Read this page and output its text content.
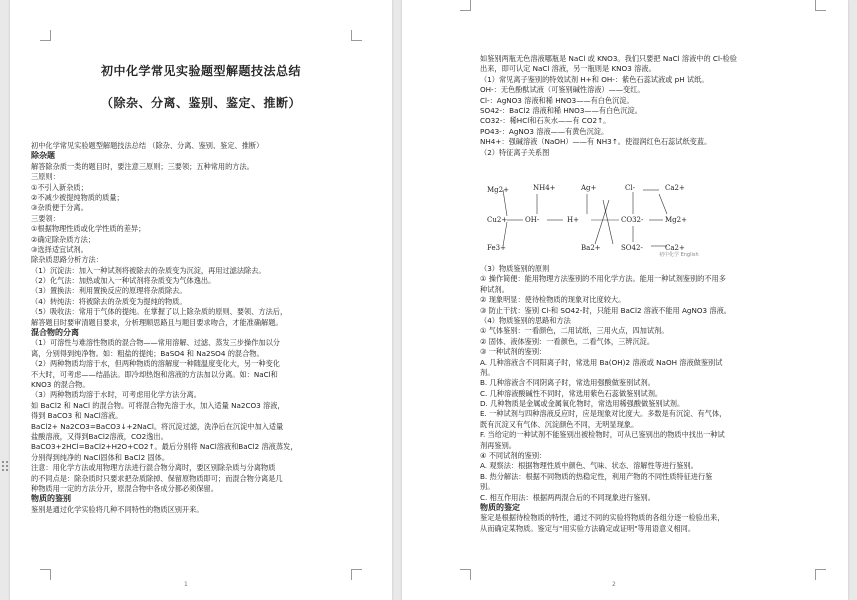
初中化学常见实验题型解题技法总结
（除杂、分离、鉴别、鉴定、推断）
初中化学常见实验题型解题技法总结 （除杂、分离、鉴别、鉴定、推断）
除杂题
解答除杂质一类的题目时，要注意三原则；三要领；五种常用的方法。
三原则：
①不引入新杂质；
②不减少被提纯物质的质量；
③杂质便于分离。
三要领：
①根据物理性质或化学性质的差异；
②确定除杂质方法；
③选择适宜试剂。
除杂质思路分析方法：
（1）沉淀法：加入一种试剂将被除去的杂质变为沉淀，再用过滤法除去。
（2）化气法：加热或加入一种试剂将杂质变为气体逸出。
（3）置换法：利用置换反应的原理将杂质除去。
（4）转纯法：将被除去的杂质变为提纯的物质。
（5）吸收法：常用于气体的提纯。在掌握了以上除杂质的原则、要领、方法后，
解答题目时要审清题目要求，分析理顺思路且与题目要求吻合，才能准确解题。
混合物的分离
（1）可溶性与难溶性物质的混合物——常用溶解、过滤、蒸发三步操作加以分
离，分别得到纯净物。如：粗盐的提纯；BaSO4 和 Na2SO4 的混合物。
（2）两种物质均溶于水，但两种物质的溶解度一种随温度变化大，另一种变化
不大时，可考虑——结晶法。即冷却热饱和溶液的方法加以分离。如：NaCl和
KNO3 的混合物。
（3）两种物质均溶于水时，可考虑用化学方法分离。
如 BaCl2 和 NaCl 的混合物。可将混合物先溶于水，加入适量 Na2CO3 溶液，
得到 BaCO3 和 NaCl溶液。
BaCl2+ Na2CO3=BaCO3↓+2NaCl。将沉淀过滤，洗净后在沉淀中加入适量
盐酸溶液，又得到BaCl2溶液，CO2逸出。
BaCO3+2HCl=BaCl2+H2O+CO2↑。最后分别将 NaCl溶液和BaCl2 溶液蒸发，
分别得到纯净的 NaCl固体和 BaCl2 固体。
注意：用化学方法或用物理方法进行混合物分离时，要区别除杂质与分离物质
的不同点是：除杂质时只要求把杂质除掉、保留原物质即可；而混合物分离是几
种物质用一定的方法分开，原混合物中各成分都必须保留。
物质的鉴别
鉴别是通过化学实验将几种不同特性的物质区别开来。
1
如鉴别两瓶无色溶液哪瓶是 NaCl 或 KNO3。我们只要把 NaCl 溶液中的 Cl-检验
出来，即可认定 NaCl 溶液，另一瓶则是 KNO3 溶液。
（1）常见离子鉴别的特效试剂 H+和 OH-：紫色石蕊试液或 pH 试纸。
OH-：无色酚酞试液（可鉴别碱性溶液）——变红。
Cl-：AgNO3 溶液和稀 HNO3——有白色沉淀。
SO42-：BaCl2 溶液和稀 HNO3——有白色沉淀。
CO32-：稀HCl和石灰水——有 CO2↑。
PO43-：AgNO3 溶液——有黄色沉淀。
NH4+：强碱溶液（NaOH）——有 NH3↑。使湿润红色石蕊试纸变蓝。
（2）特征离子关系图
（3）物质鉴别的原则
① 操作简便：能用物理方法鉴别的不用化学方法。能用一种试剂鉴别的不用多
种试剂。
② 现象明显：使待检物质的现象对比度较大。
③ 防止干扰：鉴别 Cl-和 SO42-时，只能用 BaCl2 溶液不能用 AgNO3 溶液。
（4）物质鉴别的思路和方法
① 气体鉴别：一看颜色，二用试纸，三用火点，四加试剂。
② 固体、液体鉴别：一看颜色，二看气体，三辨沉淀。
③ 一种试剂的鉴别：
A. 几种溶液含不同阳离子时，常选用 Ba(OH)2 溶液或 NaOH 溶液做鉴别试
剂。
B. 几种溶液含不同阴离子时，常选用强酸做鉴别试剂。
C. 几种溶液酸碱性不同时，常选用紫色石蕊做鉴别试剂。
D. 几种物质是金属或金属氧化物时，常选用稀强酸做鉴别试剂。
E. 一种试剂与四种溶液反应时，应是现象对比度大。多数是有沉淀、有气体，
既有沉淀又有气体、沉淀颜色不同，无明显现象。
F. 当给定的一种试剂不能鉴别出被检物时，可从已鉴别出的物质中找出一种试
剂再鉴别。
④ 不同试剂的鉴别：
A. 观察法：根据物理性质中颜色、气味、状态、溶解性等进行鉴别。
B. 热分解法：根据不同物质的热稳定性，利用产物的不同性质特征进行鉴
别。
C. 相互作用法：根据两两混合后的不同现象进行鉴别。
物质的鉴定
鉴定是根据待检物质的特性，通过不同的实验将物质的各组分逐一检验出来，
从而确定某物质。鉴定与"用实验方法确定或证明"等用语意义相同。
2
Mg2+	NH4+	Ag+	Cl-	Ca2+
Cu2+	OH-	H+	CO32-	Mg2+
Fe3+	Ba2+	SO42-	Ca2+
初中化学 English
